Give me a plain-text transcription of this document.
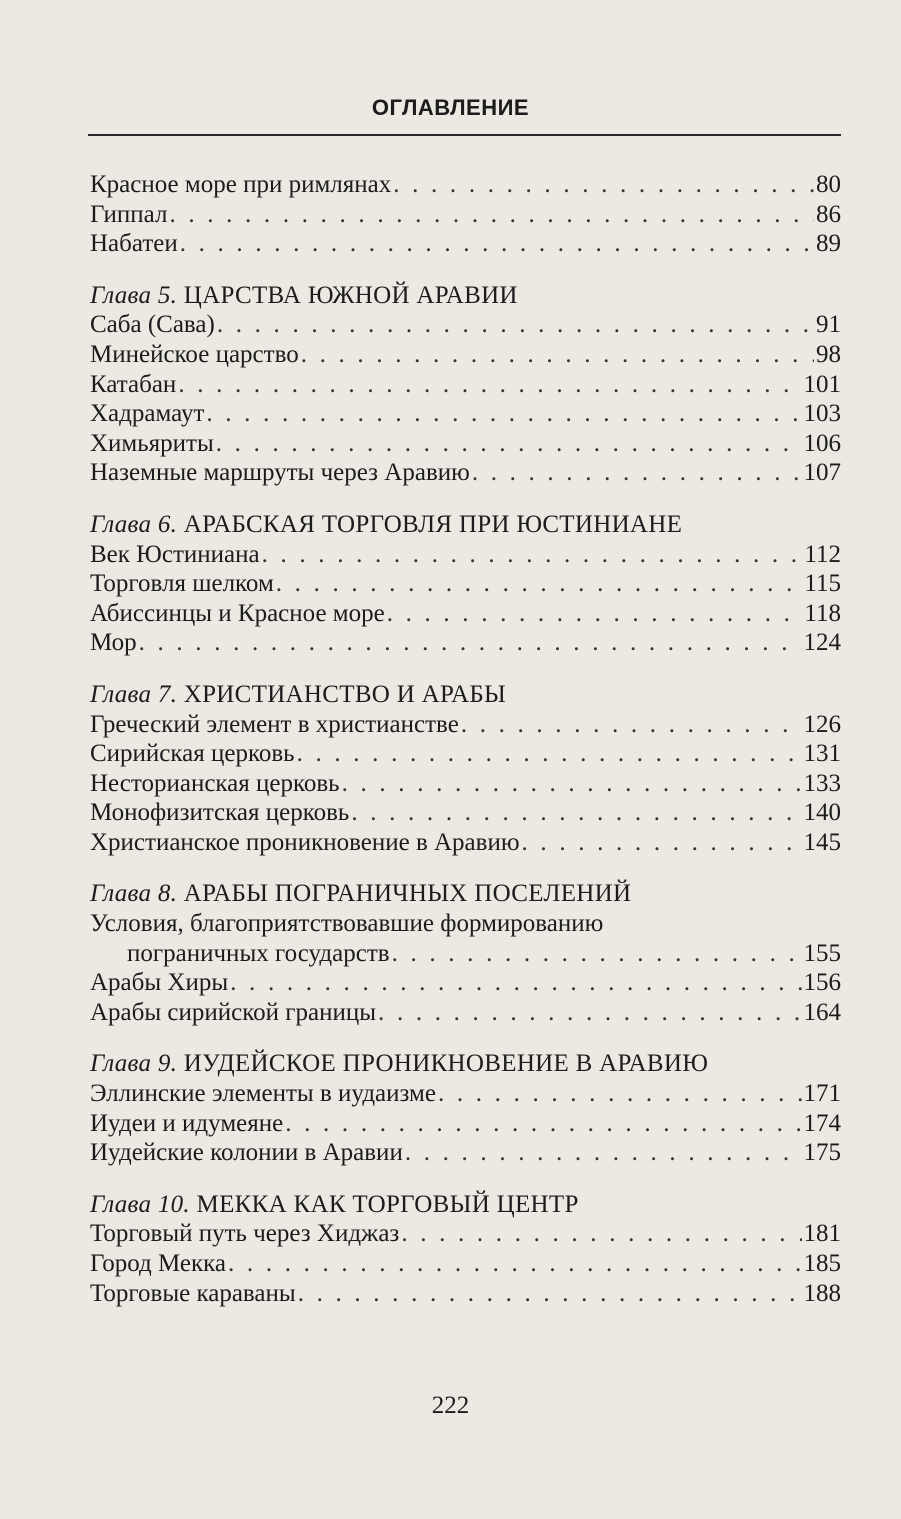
ОГЛАВЛЕНИЕ
Красное море при римлянах . . .	80
Гиппал . . .	86
Набатеи . . .	89
Глава 5. ЦАРСТВА ЮЖНОЙ АРАВИИ
Саба (Сава) . . .	91
Минейское царство . . .	98
Катабан . . .	101
Хадрамаут . . .	103
Химьяриты . . .	106
Наземные маршруты через Аравию . . .	107
Глава 6. АРАБСКАЯ ТОРГОВЛЯ ПРИ ЮСТИНИАНЕ
Век Юстиниана . . .	112
Торговля шелком . . .	115
Абиссинцы и Красное море . . .	118
Мор . . .	124
Глава 7. ХРИСТИАНСТВО И АРАБЫ
Греческий элемент в христианстве . . .	126
Сирийская церковь . . .	131
Несторианская церковь . . .	133
Монофизитская церковь . . .	140
Христианское проникновение в Аравию . . .	145
Глава 8. АРАБЫ ПОГРАНИЧНЫХ ПОСЕЛЕНИЙ
Условия, благоприятствовавшие формированию
пограничных государств . . .	155
Арабы Хиры . . .	156
Арабы сирийской границы . . .	164
Глава 9. ИУДЕЙСКОЕ ПРОНИКНОВЕНИЕ В АРАВИЮ
Эллинские элементы в иудаизме . . .	171
Иудеи и идумеяне . . .	174
Иудейские колонии в Аравии . . .	175
Глава 10. МЕККА КАК ТОРГОВЫЙ ЦЕНТР
Торговый путь через Хиджаз . . .	181
Город Мекка . . .	185
Торговые караваны . . .	188
222
